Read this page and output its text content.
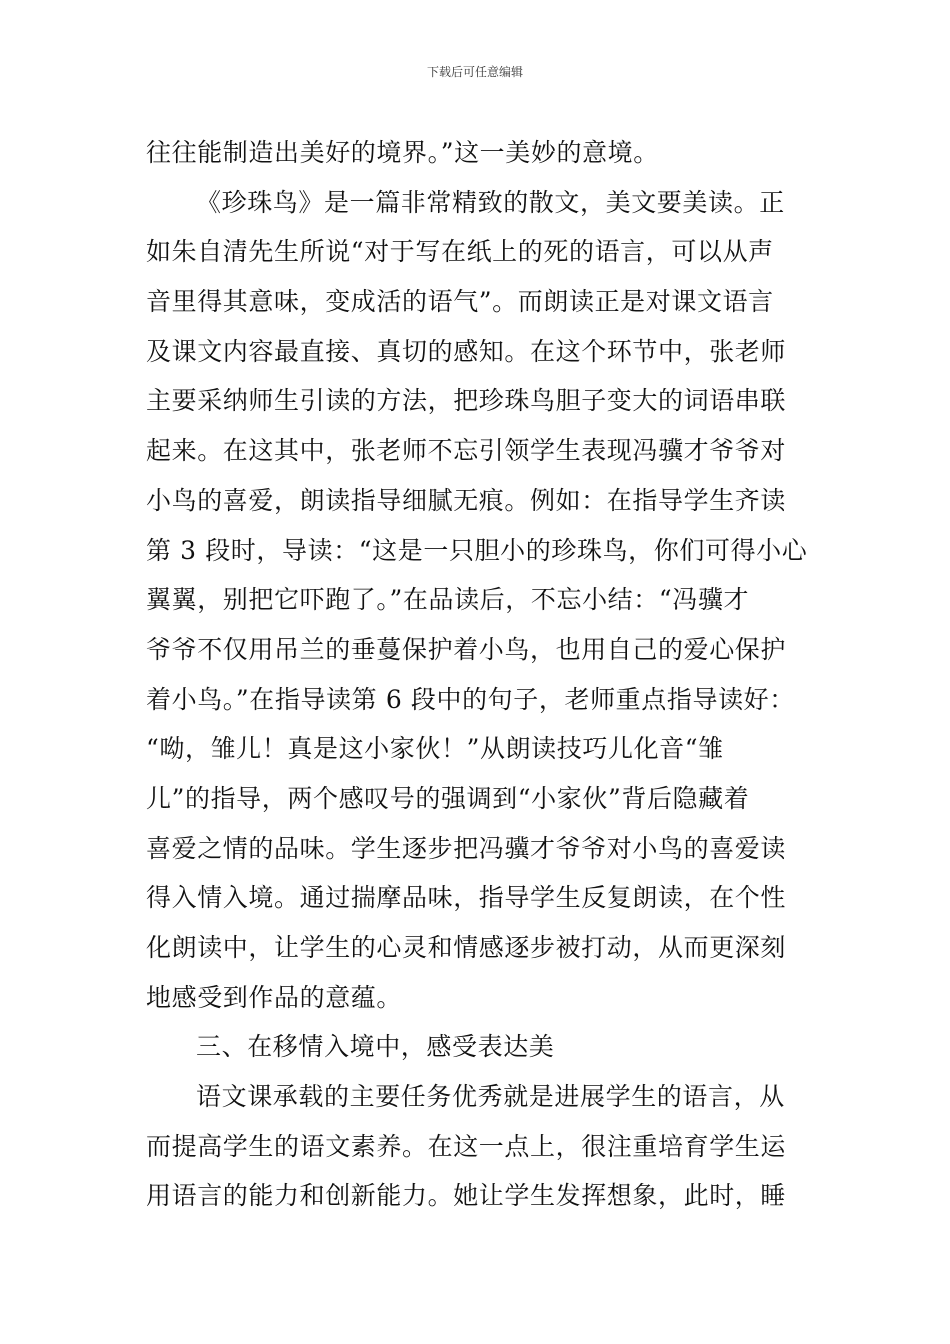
下载后可任意编辑
往往能制造出美好的境界。”这一美妙的意境。
《珍珠鸟》是一篇非常精致的散文，美文要美读。正
如朱自清先生所说“对于写在纸上的死的语言，可以从声
音里得其意味，变成活的语气”。而朗读正是对课文语言
及课文内容最直接、真切的感知。在这个环节中，张老师
主要采纳师生引读的方法，把珍珠鸟胆子变大的词语串联
起来。在这其中，张老师不忘引领学生表现冯骥才爷爷对
小鸟的喜爱，朗读指导细腻无痕。例如：在指导学生齐读
第 3 段时，导读：“这是一只胆小的珍珠鸟，你们可得小心
翼翼，别把它吓跑了。”在品读后，不忘小结：“冯骥才
爷爷不仅用吊兰的垂蔓保护着小鸟，也用自己的爱心保护
着小鸟。”在指导读第 6 段中的句子，老师重点指导读好：
“呦，雏儿！真是这小家伙！”从朗读技巧儿化音“雏
儿”的指导，两个感叹号的强调到“小家伙”背后隐藏着
喜爱之情的品味。学生逐步把冯骥才爷爷对小鸟的喜爱读
得入情入境。通过揣摩品味，指导学生反复朗读，在个性
化朗读中，让学生的心灵和情感逐步被打动，从而更深刻
地感受到作品的意蕴。
三、在移情入境中，感受表达美
语文课承载的主要任务优秀就是进展学生的语言，从
而提高学生的语文素养。在这一点上，很注重培育学生运
用语言的能力和创新能力。她让学生发挥想象，此时，睡
